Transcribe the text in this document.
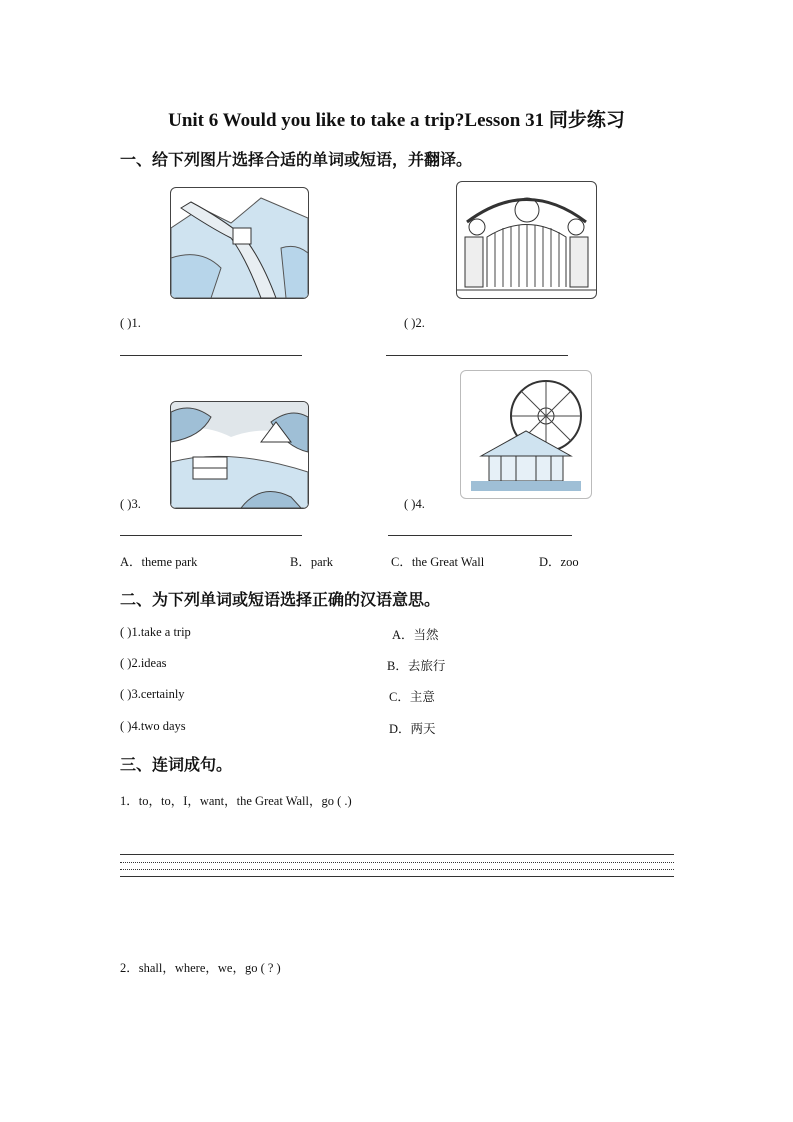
Unit 6 Would you like to take a trip?Lesson 31 同步练习
一、给下列图片选择合适的单词或短语，并翻译。
( )1.	( )2.
( )3.	( )4.
A．theme park	B．park	C．the Great Wall	D．zoo
二、为下列单词或短语选择正确的汉语意思。
( )1.take a trip	A．当然
( )2.ideas	B．去旅行
( )3.certainly	C．主意
( )4.two days	D．两天
三、连词成句。
1．to，to，I，want，the Great Wall，go ( .)
2．shall，where，we，go ( ? )
